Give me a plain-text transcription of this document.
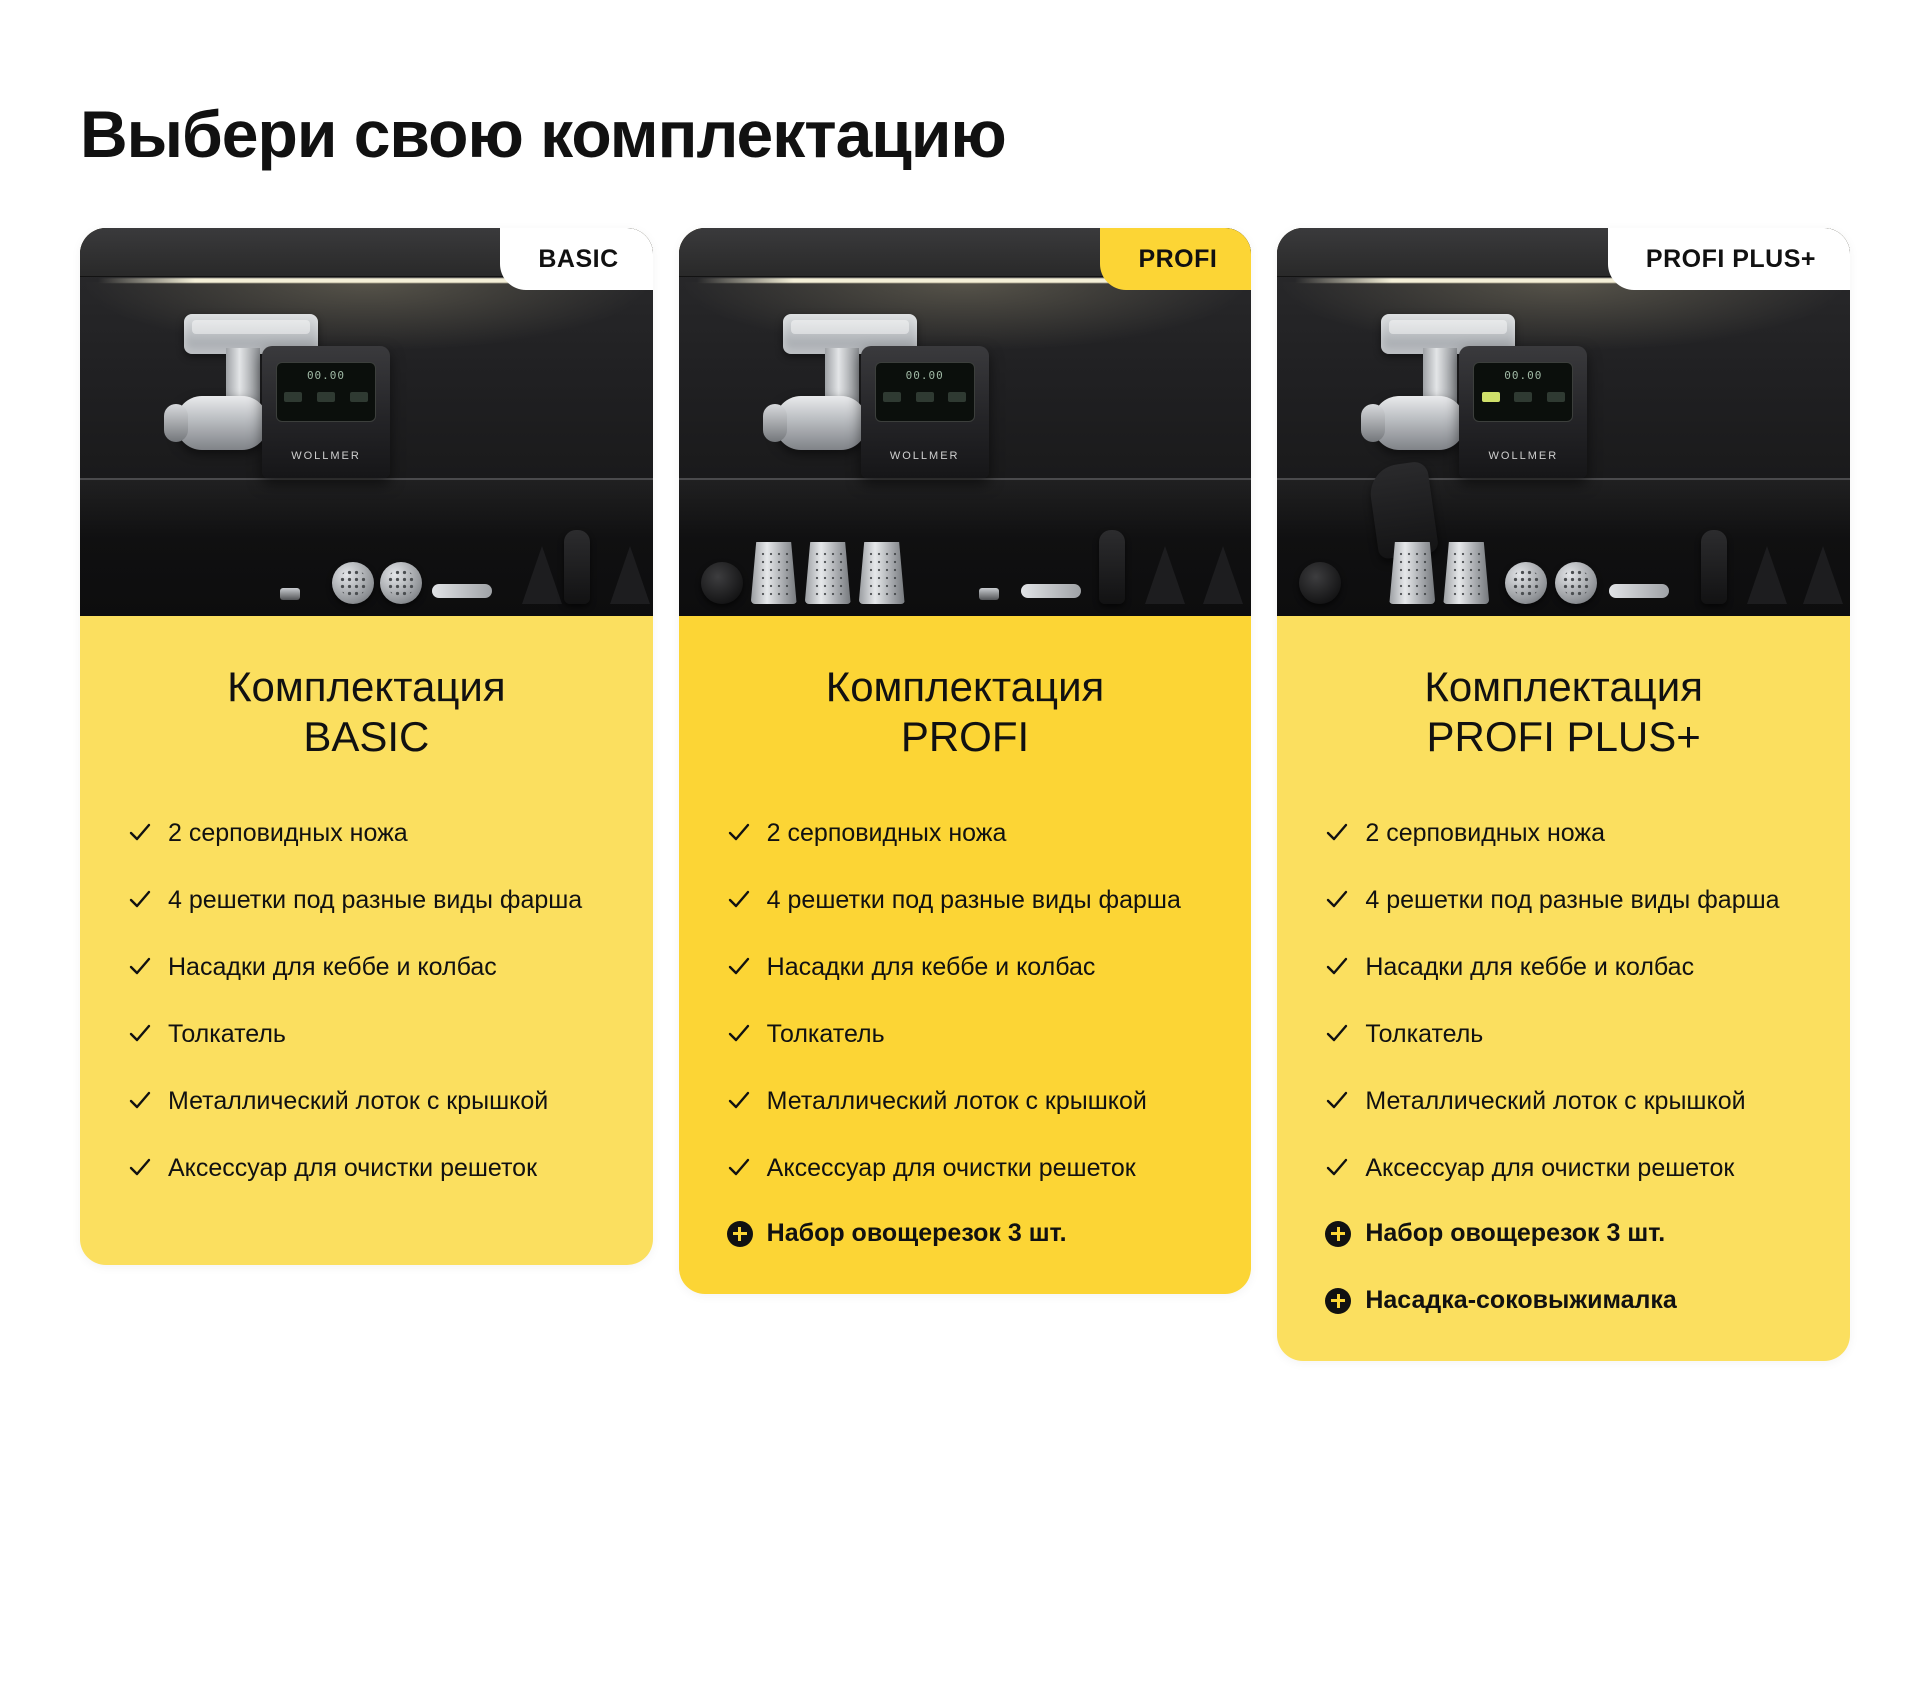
Выбери свою комплектацию
00.00
WOLLMER
BASIC
Комплектация
BASIC
2 серповидных ножа
4 решетки под разные виды фарша
Насадки для кеббе и колбас
Толкатель
Металлический лоток с крышкой
Аксессуар для очистки решеток
00.00
WOLLMER
PROFI
Комплектация
PROFI
2 серповидных ножа
4 решетки под разные виды фарша
Насадки для кеббе и колбас
Толкатель
Металлический лоток с крышкой
Аксессуар для очистки решеток
Набор овощерезок 3 шт.
00.00
WOLLMER
PROFI PLUS+
Комплектация
PROFI PLUS+
2 серповидных ножа
4 решетки под разные виды фарша
Насадки для кеббе и колбас
Толкатель
Металлический лоток с крышкой
Аксессуар для очистки решеток
Набор овощерезок 3 шт.
Насадка-соковыжималка
